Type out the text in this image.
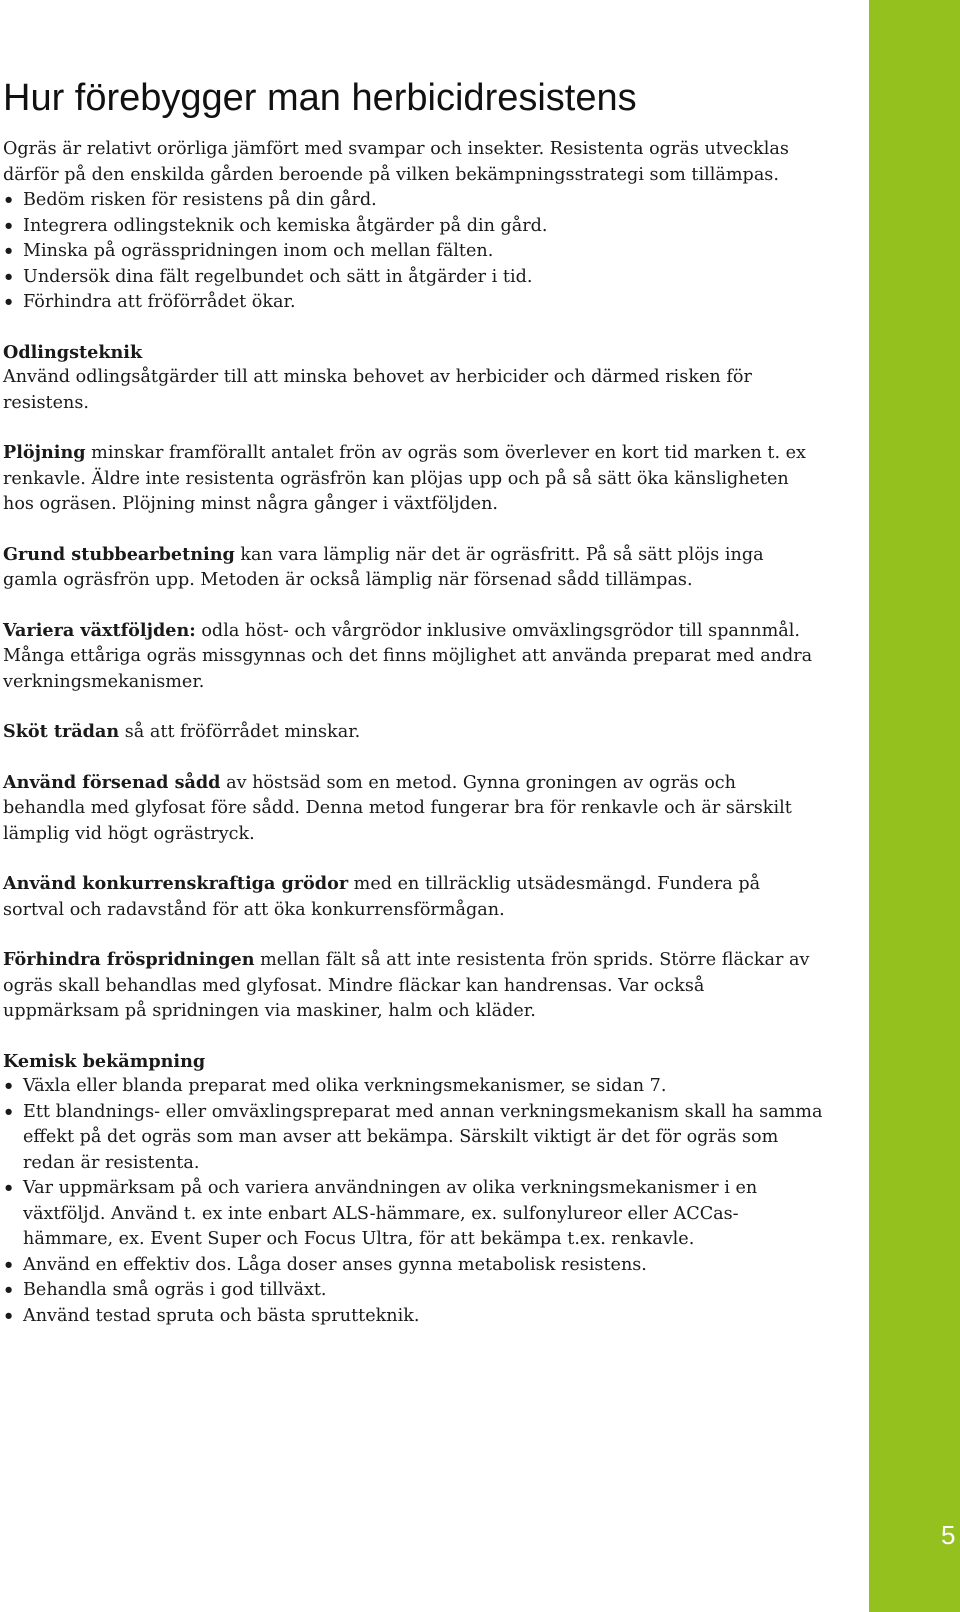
5
Hur förebygger man herbicidresistens

Ogräs är relativt orörliga jämfört med svampar och insekter. Resistenta ogräs utvecklas därför på den enskilda gården beroende på vilken bekämpningsstrategi som tillämpas.

• Bedöm risken för resistens på din gård.
• Integrera odlingsteknik och kemiska åtgärder på din gård.
• Minska på ogrässpridningen inom och mellan fälten.
• Undersök dina fält regelbundet och sätt in åtgärder i tid.
• Förhindra att fröförrådet ökar.

Odlingsteknik

Använd odlingsåtgärder till att minska behovet av herbicider och därmed risken för resistens.

Plöjning minskar framförallt antalet frön av ogräs som överlever en kort tid marken t. ex renkavle. Äldre inte resistenta ogräsfrön kan plöjas upp och på så sätt öka känsligheten hos ogräsen. Plöjning minst några gånger i växtföljden.

Grund stubbearbetning kan vara lämplig när det är ogräsfritt. På så sätt plöjs inga gamla ogräsfrön upp. Metoden är också lämplig när försenad sådd tillämpas.

Variera växtföljden: odla höst- och vårgrödor inklusive omväxlingsgrödor till spannmål. Många ettåriga ogräs missgynnas och det finns möjlighet att använda preparat med andra verkningsmekanismer.

Sköt trädan så att fröförrådet minskar.

Använd försenad sådd av höstsäd som en metod. Gynna groningen av ogräs och behandla med glyfosat före sådd. Denna metod fungerar bra för renkavle och är särskilt lämplig vid högt ogrästryck.

Använd konkurrenskraftiga grödor med en tillräcklig utsädesmängd. Fundera på sortval och radavstånd för att öka konkurrensförmågan.

Förhindra fröspridningen mellan fält så att inte resistenta frön sprids. Större fläckar av ogräs skall behandlas med glyfosat. Mindre fläckar kan handrensas. Var också uppmärksam på spridningen via maskiner, halm och kläder.

Kemisk bekämpning

• Växla eller blanda preparat med olika verkningsmekanismer, se sidan 7.
• Ett blandnings- eller omväxlingspreparat med annan verkningsmekanism skall ha samma effekt på det ogräs som man avser att bekämpa. Särskilt viktigt är det för ogräs som redan är resistenta.
• Var uppmärksam på och variera användningen av olika verkningsmekanismer i en växtföljd. Använd t. ex inte enbart ALS-hämmare, ex. sulfonylureor eller ACCas-hämmare, ex. Event Super och Focus Ultra, för att bekämpa t.ex. renkavle.
• Använd en effektiv dos. Låga doser anses gynna metabolisk resistens.
• Behandla små ogräs i god tillväxt.
• Använd testad spruta och bästa sprutteknik.
